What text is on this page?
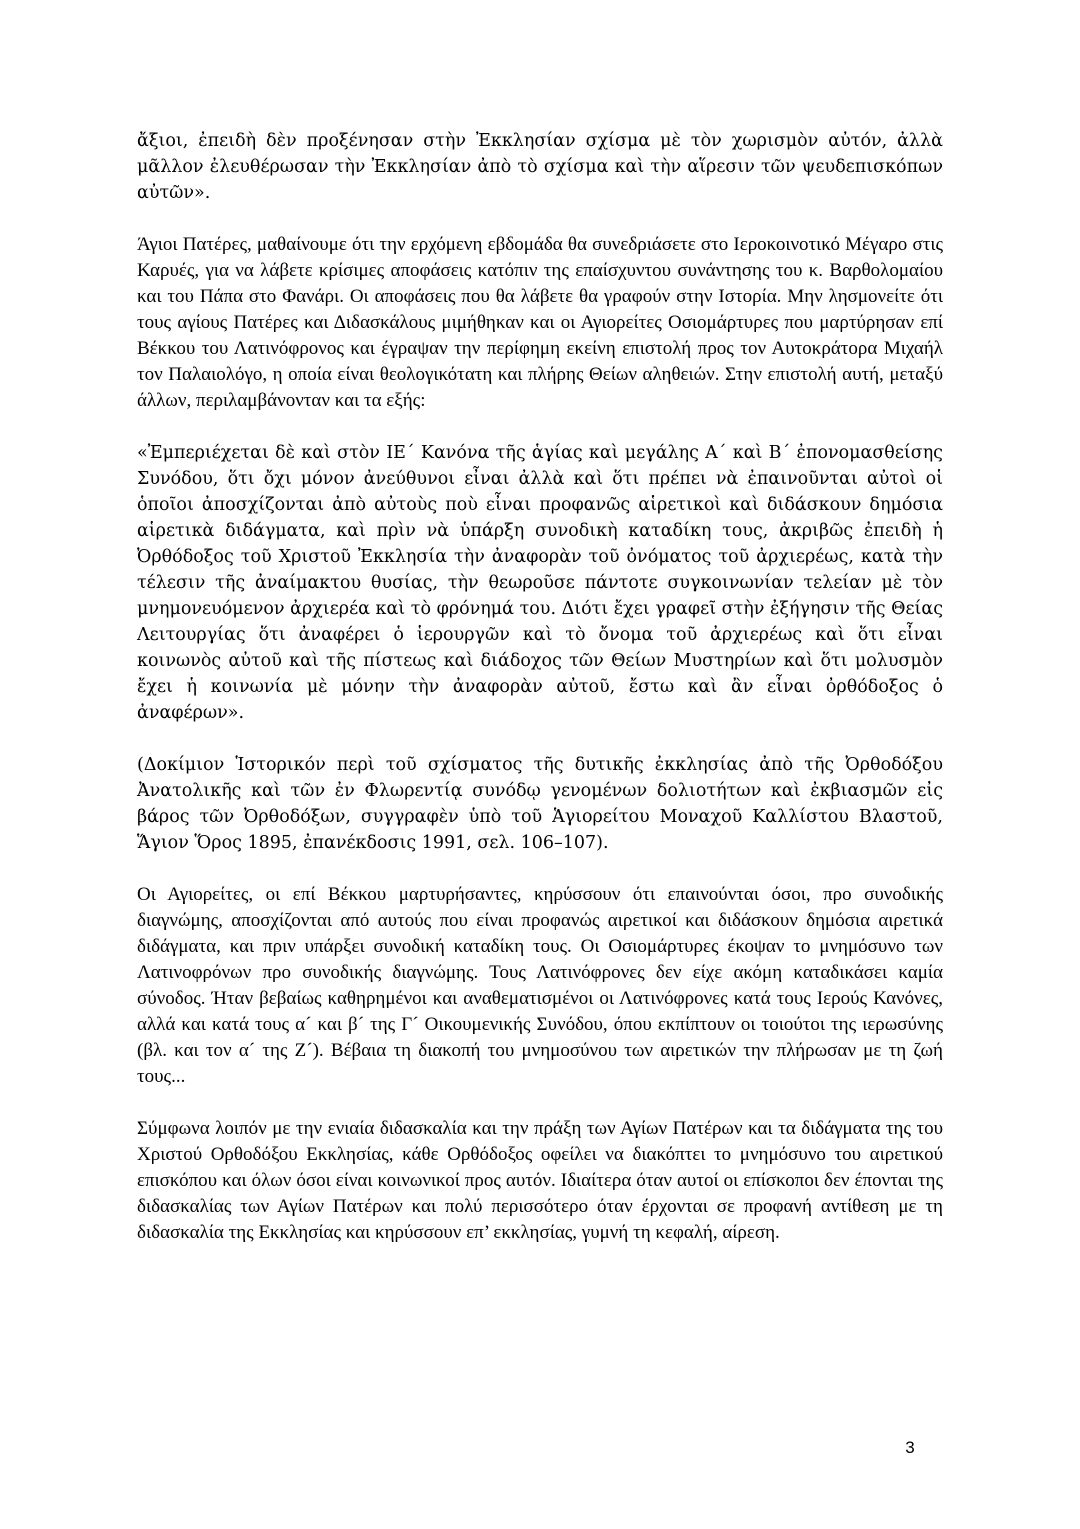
ἄξιοι, ἐπειδὴ δὲν προξένησαν στὴν Ἐκκλησίαν σχίσμα μὲ τὸν χωρισμὸν αὐτόν, ἀλλὰ μᾶλλον ἐλευθέρωσαν τὴν Ἐκκλησίαν ἀπὸ τὸ σχίσμα καὶ τὴν αἵρεσιν τῶν ψευδεπισκόπων αὐτῶν».

Άγιοι Πατέρες, μαθαίνουμε ότι την ερχόμενη εβδομάδα θα συνεδριάσετε στο Ιεροκοινοτικό Μέγαρο στις Καρυές, για να λάβετε κρίσιμες αποφάσεις κατόπιν της επαίσχυντου συνάντησης του κ. Βαρθολομαίου και του Πάπα στο Φανάρι. Οι αποφάσεις που θα λάβετε θα γραφούν στην Ιστορία. Μην λησμονείτε ότι τους αγίους Πατέρες και Διδασκάλους μιμήθηκαν και οι Αγιορείτες Οσιομάρτυρες που μαρτύρησαν επί Βέκκου του Λατινόφρονος και έγραψαν την περίφημη εκείνη επιστολή προς τον Αυτοκράτορα Μιχαήλ τον Παλαιολόγο, η οποία είναι θεολογικότατη και πλήρης Θείων αληθειών. Στην επιστολή αυτή, μεταξύ άλλων, περιλαμβάνονταν και τα εξής:

«Ἐμπεριέχεται δὲ καὶ στὸν ΙΕ´ Κανόνα τῆς ἁγίας καὶ μεγάλης Α´ καὶ Β´ ἐπονομασθείσης Συνόδου, ὅτι ὄχι μόνον ἀνεύθυνοι εἶναι ἀλλὰ καὶ ὅτι πρέπει νὰ ἐπαινοῦνται αὐτοὶ οἱ ὁποῖοι ἀποσχίζονται ἀπὸ αὐτοὺς ποὺ εἶναι προφανῶς αἱρετικοὶ καὶ διδάσκουν δημόσια αἱρετικὰ διδάγματα, καὶ πρὶν νὰ ὑπάρξη συνοδικὴ καταδίκη τους, ἀκριβῶς ἐπειδὴ ἡ Ὀρθόδοξος τοῦ Χριστοῦ Ἐκκλησία τὴν ἀναφορὰν τοῦ ὀνόματος τοῦ ἀρχιερέως, κατὰ τὴν τέλεσιν τῆς ἀναίμακτου θυσίας, τὴν θεωροῦσε πάντοτε συγκοινωνίαν τελείαν μὲ τὸν μνημονευόμενον ἀρχιερέα καὶ τὸ φρόνημά του. Διότι ἔχει γραφεῖ στὴν ἐξήγησιν τῆς Θείας Λειτουργίας ὅτι ἀναφέρει ὁ ἱερουργῶν καὶ τὸ ὄνομα τοῦ ἀρχιερέως καὶ ὅτι εἶναι κοινωνὸς αὐτοῦ καὶ τῆς πίστεως καὶ διάδοχος τῶν Θείων Μυστηρίων καὶ ὅτι μολυσμὸν ἔχει ἡ κοινωνία μὲ μόνην τὴν ἀναφορὰν αὐτοῦ, ἔστω καὶ ἂν εἶναι ὀρθόδοξος ὁ ἀναφέρων».

(Δοκίμιον Ἱστορικόν περὶ τοῦ σχίσματος τῆς δυτικῆς ἐκκλησίας ἀπὸ τῆς Ὀρθοδόξου Ἀνατολικῆς καὶ τῶν ἐν Φλωρεντίᾳ συνόδῳ γενομένων δολιοτήτων καὶ ἐκβιασμῶν εἰς βάρος τῶν Ὀρθοδόξων, συγγραφὲν ὑπὸ τοῦ Ἁγιορείτου Μοναχοῦ Καλλίστου Βλαστοῦ, Ἅγιον Ὅρος 1895, ἐπανέκδοσις 1991, σελ. 106–107).

Οι Αγιορείτες, οι επί Βέκκου μαρτυρήσαντες, κηρύσσουν ότι επαινούνται όσοι, προ συνοδικής διαγνώμης, αποσχίζονται από αυτούς που είναι προφανώς αιρετικοί και διδάσκουν δημόσια αιρετικά διδάγματα, και πριν υπάρξει συνοδική καταδίκη τους. Οι Οσιομάρτυρες έκοψαν το μνημόσυνο των Λατινοφρόνων προ συνοδικής διαγνώμης. Τους Λατινόφρονες δεν είχε ακόμη καταδικάσει καμία σύνοδος. Ήταν βεβαίως καθηρημένοι και αναθεματισμένοι οι Λατινόφρονες κατά τους Ιερούς Κανόνες, αλλά και κατά τους α´ και β´ της Γ´ Οικουμενικής Συνόδου, όπου εκπίπτουν οι τοιούτοι της ιερωσύνης (βλ. και τον α´ της Ζ´). Βέβαια τη διακοπή του μνημοσύνου των αιρετικών την πλήρωσαν με τη ζωή τους...

Σύμφωνα λοιπόν με την ενιαία διδασκαλία και την πράξη των Αγίων Πατέρων και τα διδάγματα της του Χριστού Ορθοδόξου Εκκλησίας, κάθε Ορθόδοξος οφείλει να διακόπτει το μνημόσυνο του αιρετικού επισκόπου και όλων όσοι είναι κοινωνικοί προς αυτόν. Ιδιαίτερα όταν αυτοί οι επίσκοποι δεν έπονται της διδασκαλίας των Αγίων Πατέρων και πολύ περισσότερο όταν έρχονται σε προφανή αντίθεση με τη διδασκαλία της Εκκλησίας και κηρύσσουν επ’ εκκλησίας, γυμνή τη κεφαλή, αίρεση.

3
